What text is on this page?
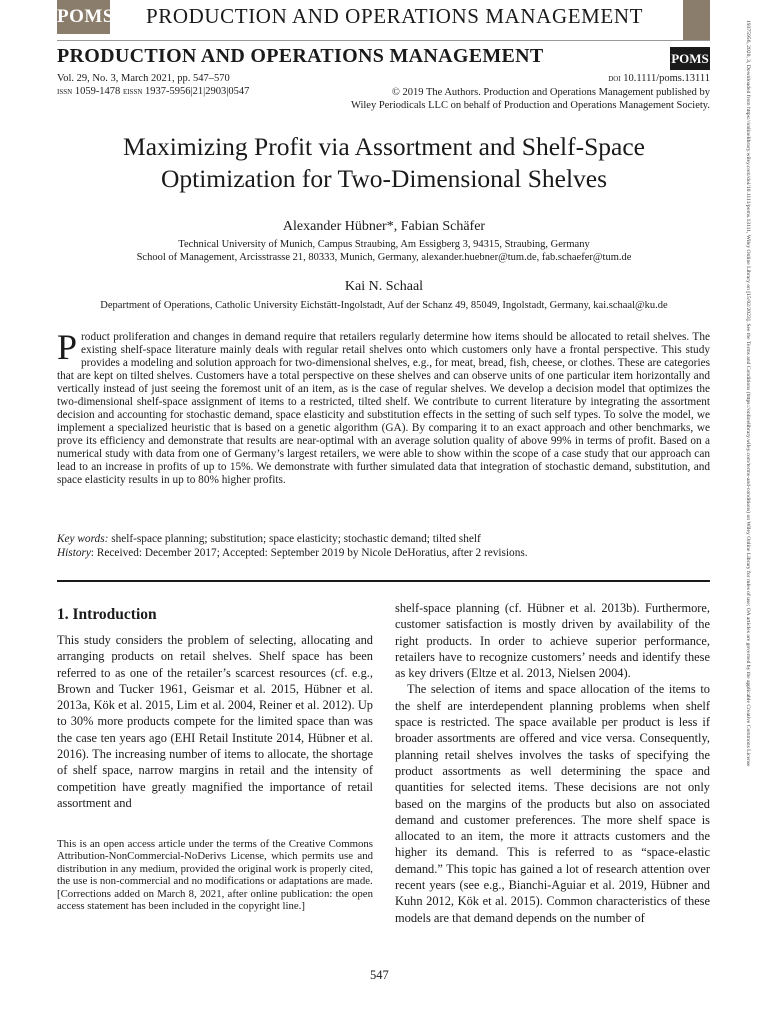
POMS PRODUCTION AND OPERATIONS MANAGEMENT
PRODUCTION AND OPERATIONS MANAGEMENT	POMS
Vol. 29, No. 3, March 2021, pp. 547–570
issn 1059-1478 eissn 1937-5956|21|2903|0547
doi 10.1111/poms.13111
© 2019 The Authors. Production and Operations Management published by
Wiley Periodicals LLC on behalf of Production and Operations Management Society.
Maximizing Profit via Assortment and Shelf-Space
Optimization for Two-Dimensional Shelves
Alexander Hübner*, Fabian Schäfer
Technical University of Munich, Campus Straubing, Am Essigberg 3, 94315, Straubing, Germany
School of Management, Arcisstrasse 21, 80333, Munich, Germany, alexander.huebner@tum.de, fab.schaefer@tum.de
Kai N. Schaal
Department of Operations, Catholic University Eichstätt-Ingolstadt, Auf der Schanz 49, 85049, Ingolstadt, Germany, kai.schaal@ku.de
Product proliferation and changes in demand require that retailers regularly determine how items should be allocated to retail shelves. The existing shelf-space literature mainly deals with regular retail shelves onto which customers only have a frontal perspective. This study provides a modeling and solution approach for two-dimensional shelves, e.g., for meat, bread, fish, cheese, or clothes. These are categories that are kept on tilted shelves. Customers have a total perspective on these shelves and can observe units of one particular item horizontally and vertically instead of just seeing the foremost unit of an item, as is the case of regular shelves. We develop a decision model that optimizes the two-dimensional shelf-space assignment of items to a restricted, tilted shelf. We contribute to current literature by integrating the assortment decision and accounting for stochastic demand, space elasticity and substitution effects in the setting of such self types. To solve the model, we implement a specialized heuristic that is based on a genetic algorithm (GA). By comparing it to an exact approach and other benchmarks, we prove its efficiency and demonstrate that results are near-optimal with an average solution quality of above 99% in terms of profit. Based on a numerical study with data from one of Germany’s largest retailers, we were able to show within the scope of a case study that our approach can lead to an increase in profits of up to 15%. We demonstrate with further simulated data that integration of stochastic demand, substitution, and space elasticity results in up to 80% higher profits.
Key words: shelf-space planning; substitution; space elasticity; stochastic demand; tilted shelf
History: Received: December 2017; Accepted: September 2019 by Nicole DeHoratius, after 2 revisions.
1. Introduction
This study considers the problem of selecting, allocating and arranging products on retail shelves. Shelf space has been referred to as one of the retailer’s scarcest resources (cf. e.g., Brown and Tucker 1961, Geismar et al. 2015, Hübner et al. 2013a, Kök et al. 2015, Lim et al. 2004, Reiner et al. 2012). Up to 30% more products compete for the limited space than was the case ten years ago (EHI Retail Institute 2014, Hübner et al. 2016). The increasing number of items to allocate, the shortage of shelf space, narrow margins in retail and the intensity of competition have greatly magnified the importance of retail assortment and
This is an open access article under the terms of the Creative Commons Attribution-NonCommercial-NoDerivs License, which permits use and distribution in any medium, provided the original work is properly cited, the use is non-commercial and no modifications or adaptations are made.
[Corrections added on March 8, 2021, after online publication: the open access statement has been included in the copyright line.]
shelf-space planning (cf. Hübner et al. 2013b). Furthermore, customer satisfaction is mostly driven by availability of the right products. In order to achieve superior performance, retailers have to recognize customers’ needs and identify these as key drivers (Eltze et al. 2013, Nielsen 2004).
The selection of items and space allocation of the items to the shelf are interdependent planning problems when shelf space is restricted. The space available per product is less if broader assortments are offered and vice versa. Consequently, planning retail shelves involves the tasks of specifying the product assortments as well determining the space and quantities for selected items. These decisions are not only based on the margins of the products but also on associated demand and customer preferences. The more shelf space is allocated to an item, the more it attracts customers and the higher its demand. This is referred to as “space-elastic demand.” This topic has gained a lot of research attention over recent years (see e.g., Bianchi-Aguiar et al. 2019, Hübner and Kuhn 2012, Kök et al. 2015). Common characteristics of these models are that demand depends on the number of
547
19375956, 2020, 3, Downloaded from https://onlinelibrary.wiley.com/doi/10.1111/poms.13111, Wiley Online Library on [15/02/2023]. See the Terms and Conditions (https://onlinelibrary.wiley.com/terms-and-conditions) on Wiley Online Library for rules of use; OA articles are governed by the applicable Creative Commons License
